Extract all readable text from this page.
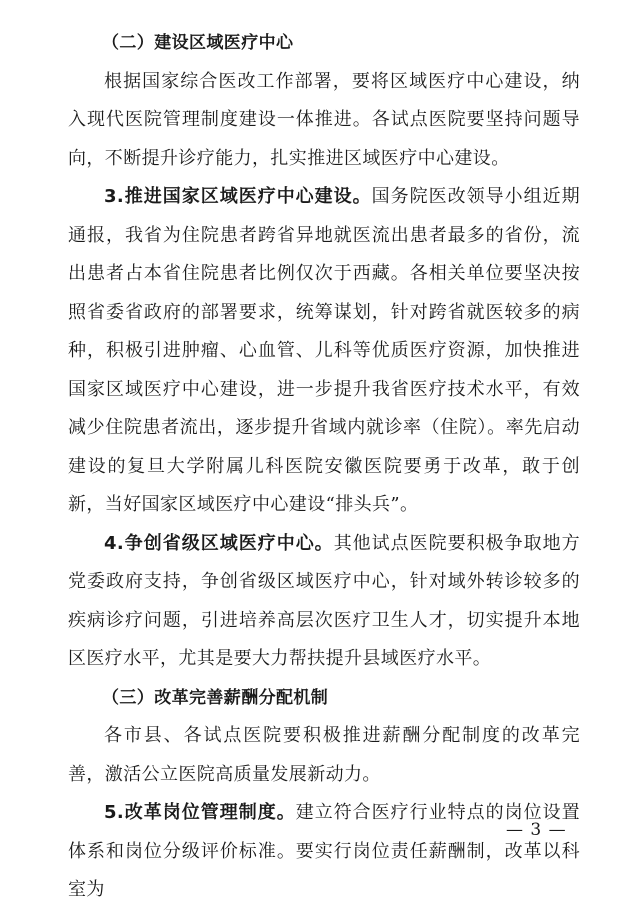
（二）建设区域医疗中心

根据国家综合医改工作部署，要将区域医疗中心建设，纳入现代医院管理制度建设一体推进。各试点医院要坚持问题导向，不断提升诊疗能力，扎实推进区域医疗中心建设。

3.推进国家区域医疗中心建设。国务院医改领导小组近期通报，我省为住院患者跨省异地就医流出患者最多的省份，流出患者占本省住院患者比例仅次于西藏。各相关单位要坚决按照省委省政府的部署要求，统筹谋划，针对跨省就医较多的病种，积极引进肿瘤、心血管、儿科等优质医疗资源，加快推进国家区域医疗中心建设，进一步提升我省医疗技术水平，有效减少住院患者流出，逐步提升省域内就诊率（住院）。率先启动建设的复旦大学附属儿科医院安徽医院要勇于改革，敢于创新，当好国家区域医疗中心建设“排头兵”。

4.争创省级区域医疗中心。其他试点医院要积极争取地方党委政府支持，争创省级区域医疗中心，针对域外转诊较多的疾病诊疗问题，引进培养高层次医疗卫生人才，切实提升本地区医疗水平，尤其是要大力帮扶提升县域医疗水平。

（三）改革完善薪酬分配机制

各市县、各试点医院要积极推进薪酬分配制度的改革完善，激活公立医院高质量发展新动力。

5.改革岗位管理制度。建立符合医疗行业特点的岗位设置体系和岗位分级评价标准。要实行岗位责任薪酬制，改革以科室为

— 3 —
